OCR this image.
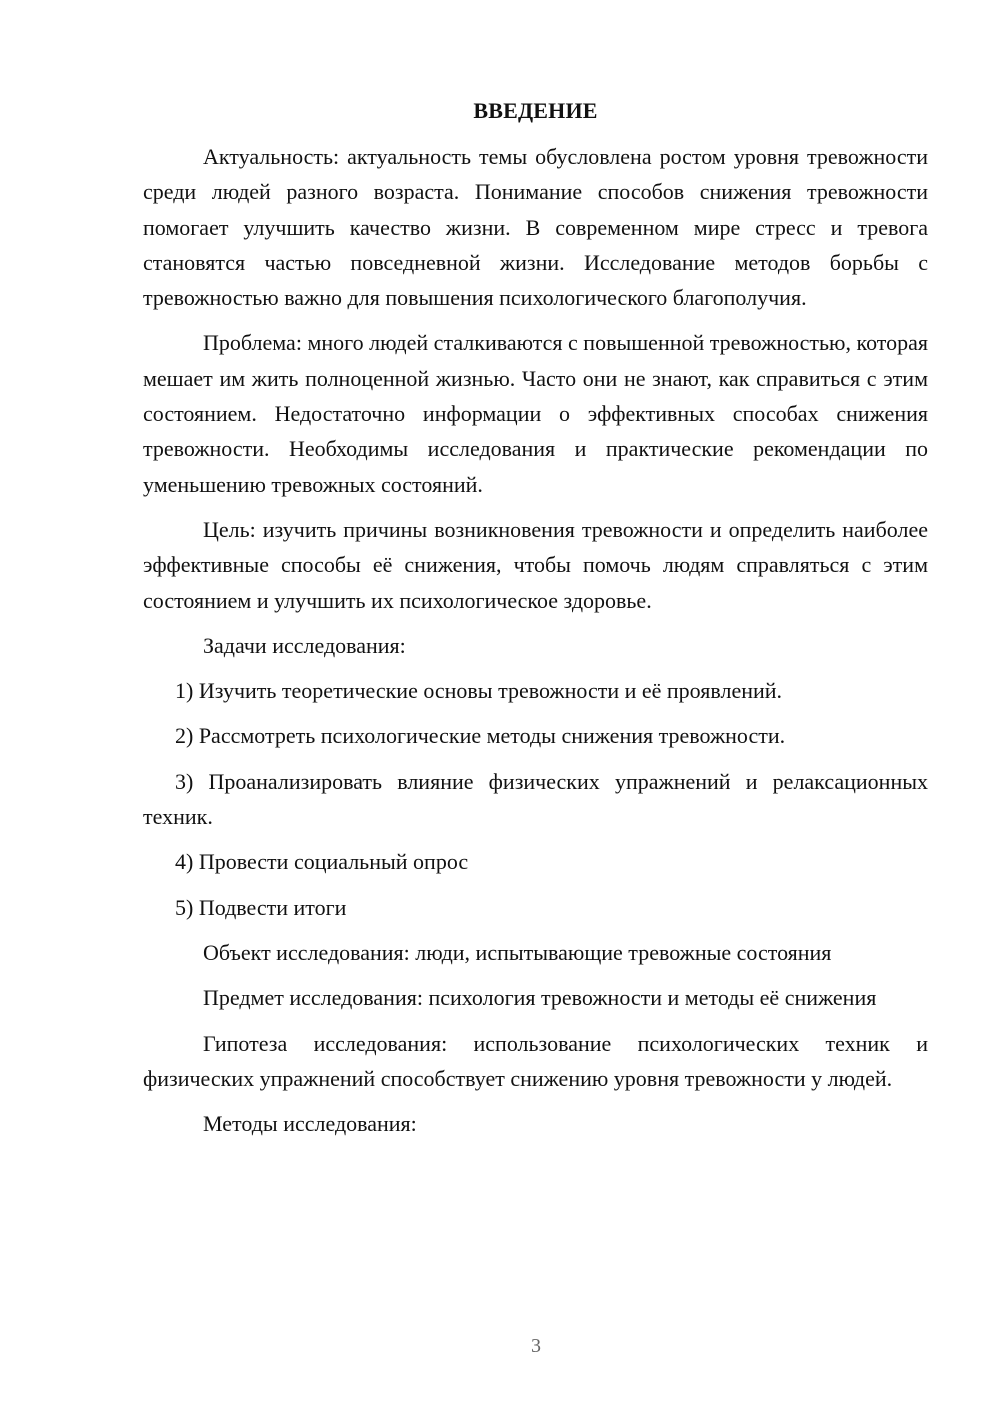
ВВЕДЕНИЕ

Актуальность: актуальность темы обусловлена ростом уровня тревожности среди людей разного возраста. Понимание способов снижения тревожности помогает улучшить качество жизни. В современном мире стресс и тревога становятся частью повседневной жизни. Исследование методов борьбы с тревожностью важно для повышения психологического благополучия.

Проблема: много людей сталкиваются с повышенной тревожностью, которая мешает им жить полноценной жизнью. Часто они не знают, как справиться с этим состоянием. Недостаточно информации о эффективных способах снижения тревожности. Необходимы исследования и практические рекомендации по уменьшению тревожных состояний.

Цель: изучить причины возникновения тревожности и определить наиболее эффективные способы её снижения, чтобы помочь людям справляться с этим состоянием и улучшить их психологическое здоровье.

Задачи исследования:

1) Изучить теоретические основы тревожности и её проявлений.

2) Рассмотреть психологические методы снижения тревожности.

3) Проанализировать влияние физических упражнений и релаксационных техник.

4) Провести социальный опрос

5) Подвести итоги

Объект исследования: люди, испытывающие тревожные состояния

Предмет исследования: психология тревожности и методы её снижения

Гипотеза исследования: использование психологических техник и физических упражнений способствует снижению уровня тревожности у людей.

Методы исследования:

3
